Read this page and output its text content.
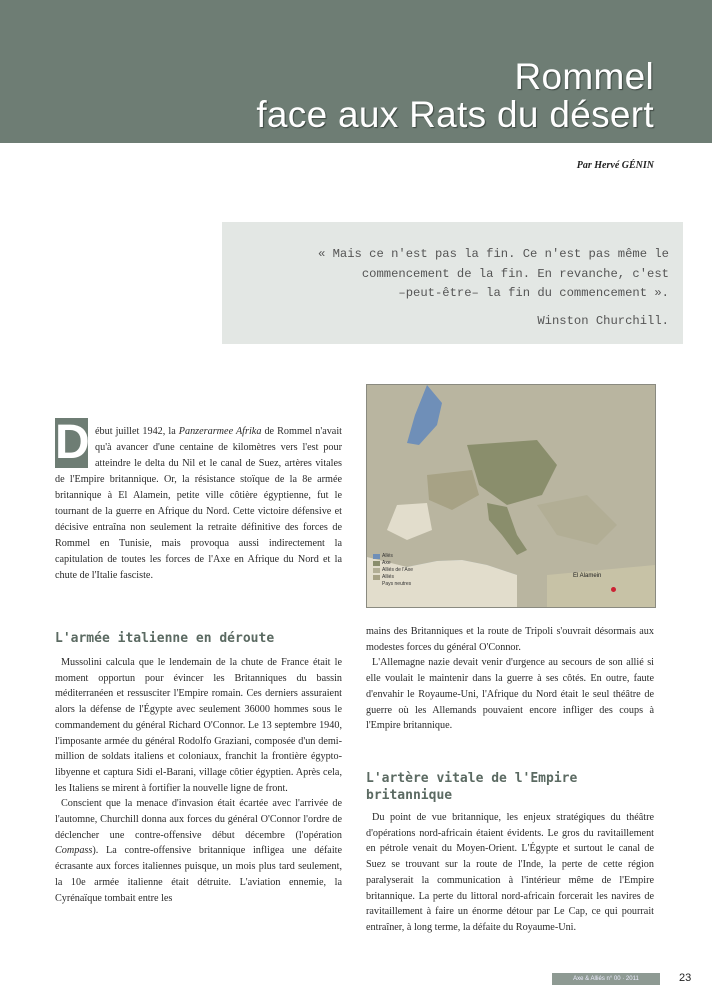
Rommel
face aux Rats du désert
Par Hervé GÉNIN
« Mais ce n'est pas la fin. Ce n'est pas même le
commencement de la fin. En revanche, c'est
–peut-être– la fin du commencement ».
Winston Churchill.
Allés
Axe
Alliés de l'Axe
Alliés
Pays neutres
El Alamein
D ébut juillet 1942, la Panzerarmee Afrika de Rommel n'avait qu'à avancer d'une centaine de kilomètres vers l'est pour atteindre le delta du Nil et le canal de Suez, artères vitales de l'Empire britannique. Or, la résistance stoïque de la 8e armée britannique à El Alamein, petite ville côtière égyptienne, fut le tournant de la guerre en Afrique du Nord. Cette victoire défensive et décisive entraîna non seulement la retraite définitive des forces de Rommel en Tunisie, mais provoqua aussi indirectement la capitulation de toutes les forces de l'Axe en Afrique du Nord et la chute de l'Italie fasciste.
L'armée italienne en déroute

Mussolini calcula que le lendemain de la chute de France était le moment opportun pour évincer les Britanniques du bassin méditerranéen et ressusciter l'Empire romain. Ces derniers assuraient alors la défense de l'Égypte avec seulement 36000 hommes sous le commandement du général Richard O'Connor. Le 13 septembre 1940, l'imposante armée du général Rodolfo Graziani, composée d'un demi-million de soldats italiens et coloniaux, franchit la frontière égypto-libyenne et captura Sidi el-Barani, village côtier égyptien. Après cela, les Italiens se mirent à fortifier la nouvelle ligne de front.

Conscient que la menace d'invasion était écartée avec l'arrivée de l'automne, Churchill donna aux forces du général O'Connor l'ordre de déclencher une contre-offensive début décembre (l'opération Compass). La contre-offensive britannique infligea une défaite écrasante aux forces italiennes puisque, un mois plus tard seulement, la 10e armée italienne était détruite. L'aviation ennemie, la Cyrénaïque tombait entre les

mains des Britanniques et la route de Tripoli s'ouvrait désormais aux modestes forces du général O'Connor.

L'Allemagne nazie devait venir d'urgence au secours de son allié si elle voulait le maintenir dans la guerre à ses côtés. En outre, faute d'envahir le Royaume-Uni, l'Afrique du Nord était le seul théâtre de guerre où les Allemands pouvaient encore infliger des coups à l'Empire britannique.

L'artère vitale de l'Empire britannique

Du point de vue britannique, les enjeux stratégiques du théâtre d'opérations nord-africain étaient évidents. Le gros du ravitaillement en pétrole venait du Moyen-Orient. L'Égypte et surtout le canal de Suez se trouvant sur la route de l'Inde, la perte de cette région paralyserait la communication à l'intérieur même de l'Empire britannique. La perte du littoral nord-africain forcerait les navires de ravitaillement à faire un énorme détour par Le Cap, ce qui pourrait entraîner, à long terme, la défaite du Royaume-Uni.

Axe & Alliés n° 00 · 2011	23
